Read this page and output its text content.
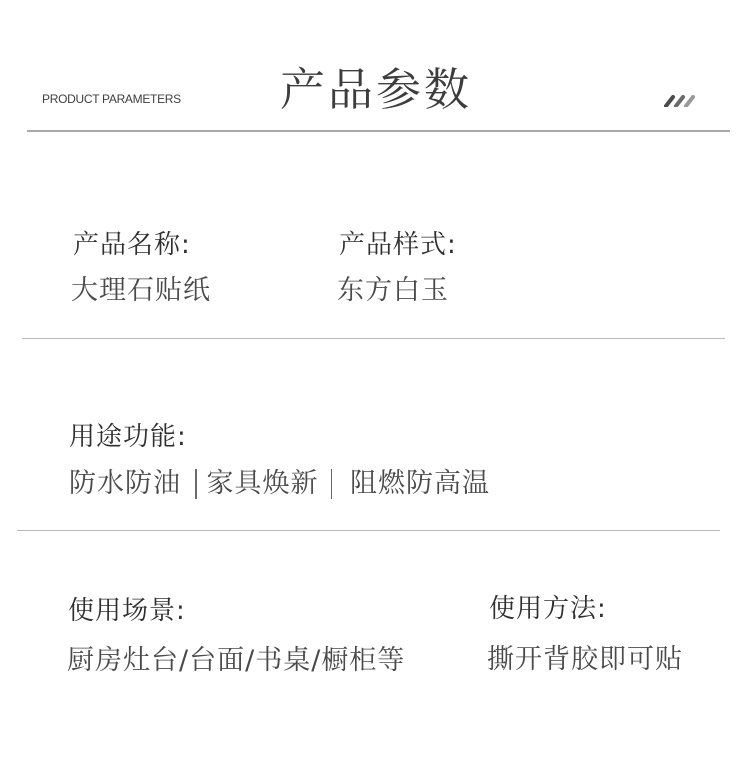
PRODUCT PARAMETERS 产品参数
产品名称:
大理石贴纸
产品样式:
东方白玉
用途功能:
防水防油 家具焕新 阻燃防高温
使用场景:
厨房灶台/台面/书桌/橱柜等
使用方法:
撕开背胶即可贴
